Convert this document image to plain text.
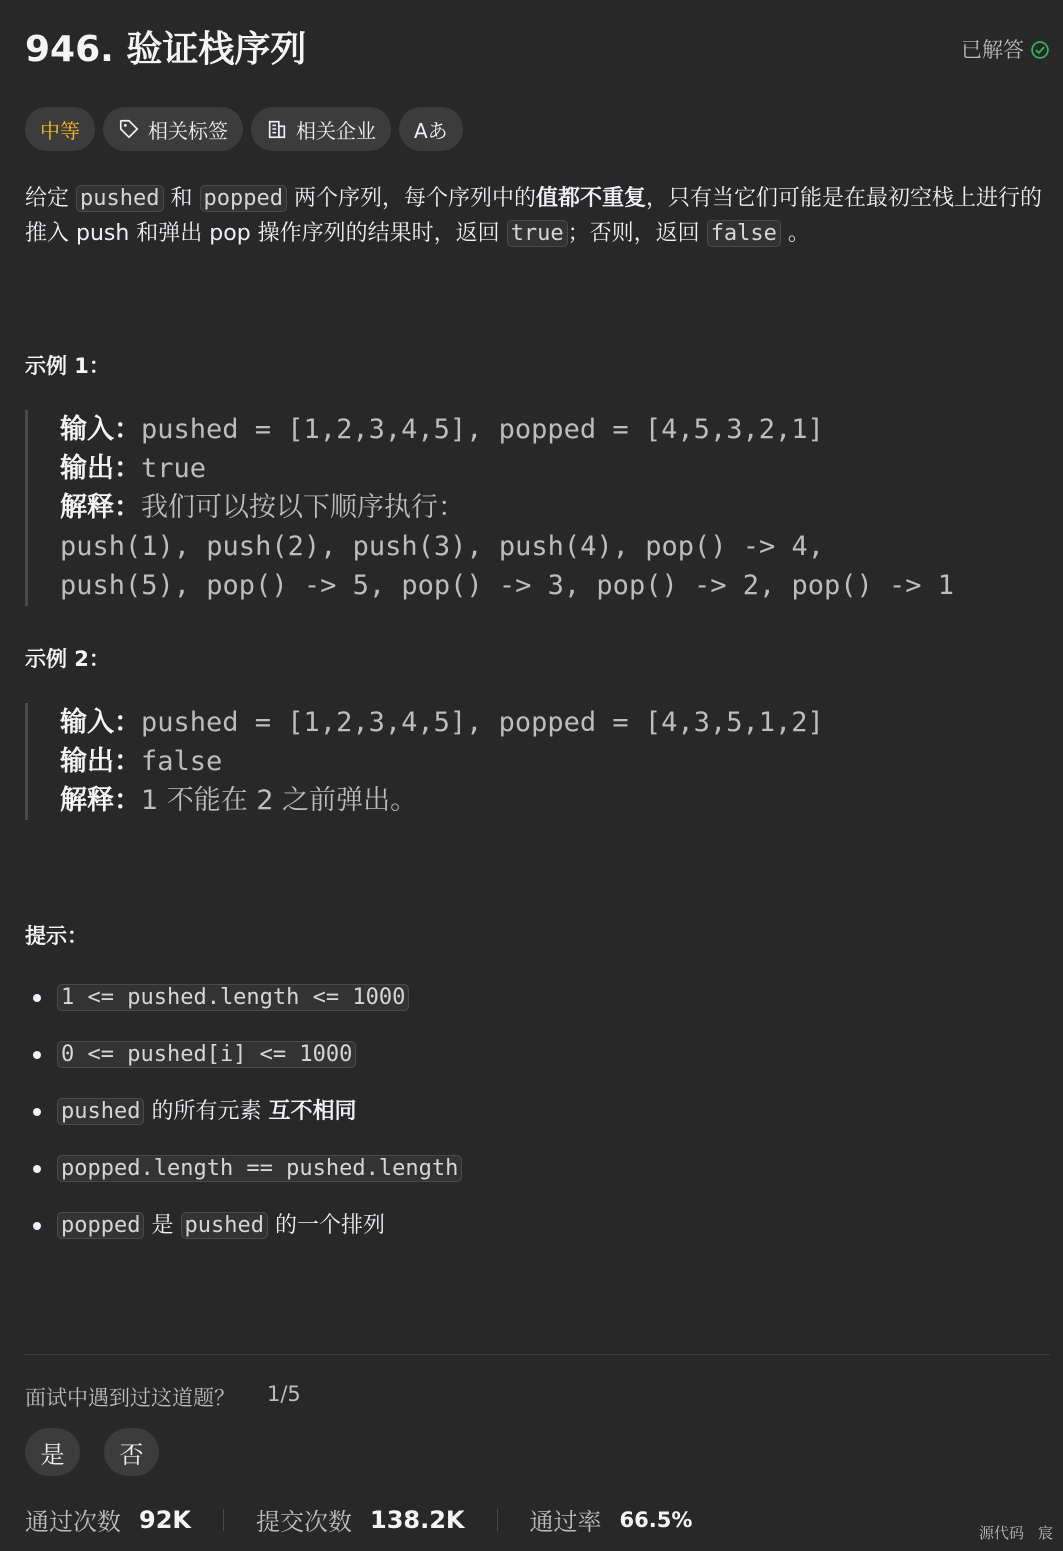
946. 验证栈序列	已解答
中等	相关标签	相关企业 Aあ
给定 pushed 和 popped 两个序列，每个序列中的值都不重复，只有当它们可能是在最初空栈上进行的推入 push 和弹出 pop 操作序列的结果时，返回 true ；否则，返回 false 。
示例 1：
输入：pushed = [1,2,3,4,5], popped = [4,5,3,2,1]
输出：true
解释：我们可以按以下顺序执行：
push(1), push(2), push(3), push(4), pop() -> 4,
push(5), pop() -> 5, pop() -> 3, pop() -> 2, pop() -> 1
示例 2：
输入：pushed = [1,2,3,4,5], popped = [4,3,5,1,2]
输出：false
解释：1 不能在 2 之前弹出。
提示：
1 <= pushed.length <= 1000
0 <= pushed[i] <= 1000
pushed 的所有元素 互不相同
popped.length == pushed.length
popped 是 pushed 的一个排列
面试中遇到过这道题？ 1/5
是	否
通过次数 92K	提交次数 138.2K	通过率 66.5%
源代码 宸
